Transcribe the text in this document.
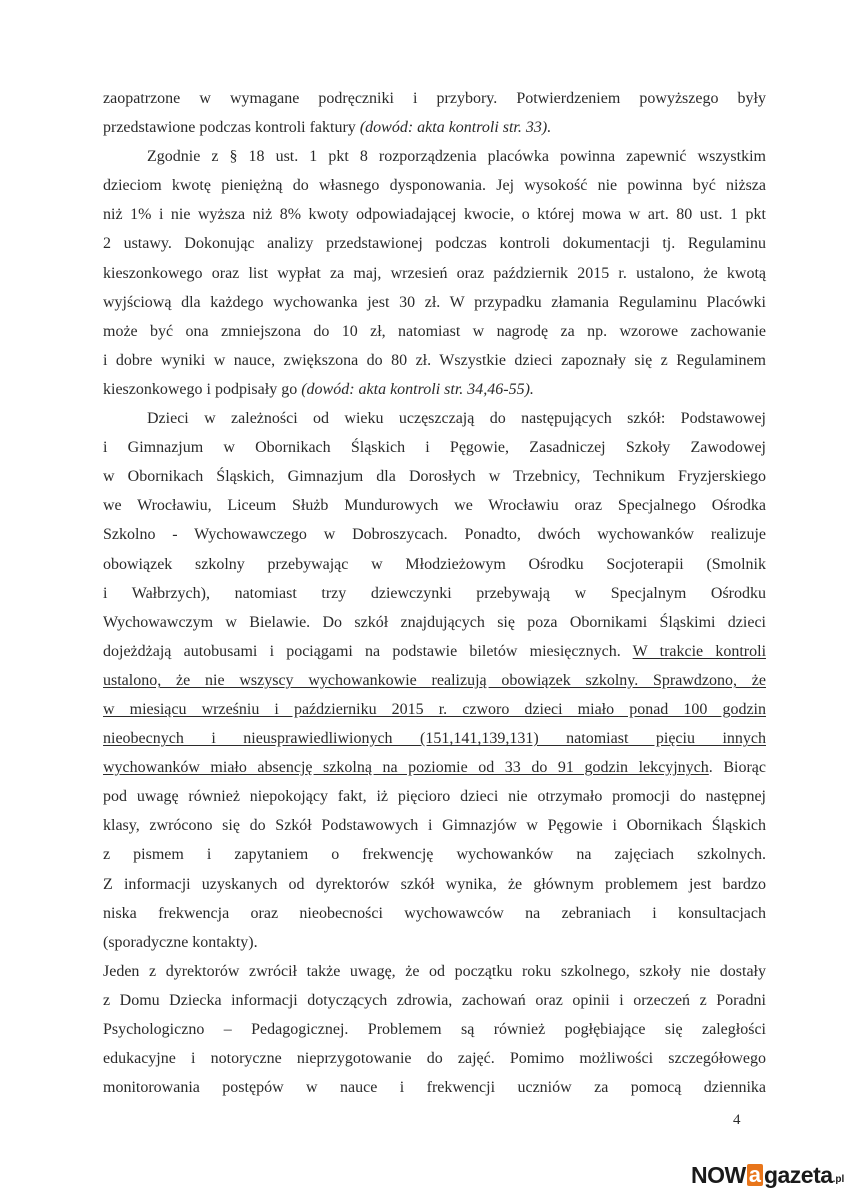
zaopatrzone w wymagane podręczniki i przybory. Potwierdzeniem powyższego były
przedstawione podczas kontroli faktury (dowód: akta kontroli str. 33).
Zgodnie z § 18 ust. 1 pkt 8 rozporządzenia placówka powinna zapewnić wszystkim
dzieciom kwotę pieniężną do własnego dysponowania. Jej wysokość nie powinna być niższa
niż 1% i nie wyższa niż 8% kwoty odpowiadającej kwocie, o której mowa w art. 80 ust. 1 pkt
2 ustawy. Dokonując analizy przedstawionej podczas kontroli dokumentacji tj. Regulaminu
kieszonkowego oraz list wypłat za maj, wrzesień oraz październik 2015 r. ustalono, że kwotą
wyjściową dla każdego wychowanka jest 30 zł. W przypadku złamania Regulaminu Placówki
może być ona zmniejszona do 10 zł, natomiast w nagrodę za np. wzorowe zachowanie
i dobre wyniki w nauce, zwiększona do 80 zł. Wszystkie dzieci zapoznały się z Regulaminem
kieszonkowego i podpisały go (dowód: akta kontroli str. 34,46-55).
Dzieci w zależności od wieku uczęszczają do następujących szkół: Podstawowej
i Gimnazjum w Obornikach Śląskich i Pęgowie, Zasadniczej Szkoły Zawodowej
w Obornikach Śląskich, Gimnazjum dla Dorosłych w Trzebnicy, Technikum Fryzjerskiego
we Wrocławiu, Liceum Służb Mundurowych we Wrocławiu oraz Specjalnego Ośrodka
Szkolno - Wychowawczego w Dobroszycach. Ponadto, dwóch wychowanków realizuje
obowiązek szkolny przebywając w Młodzieżowym Ośrodku Socjoterapii (Smolnik
i Wałbrzych), natomiast trzy dziewczynki przebywają w Specjalnym Ośrodku
Wychowawczym w Bielawie. Do szkół znajdujących się poza Obornikami Śląskimi dzieci
dojeżdżają autobusami i pociągami na podstawie biletów miesięcznych. W trakcie kontroli
ustalono, że nie wszyscy wychowankowie realizują obowiązek szkolny. Sprawdzono, że
w miesiącu wrześniu i październiku 2015 r. czworo dzieci miało ponad 100 godzin
nieobecnych i nieusprawiedliwionych (151,141,139,131) natomiast pięciu innych
wychowanków miało absencję szkolną na poziomie od 33 do 91 godzin lekcyjnych. Biorąc
pod uwagę również niepokojący fakt, iż pięcioro dzieci nie otrzymało promocji do następnej
klasy, zwrócono się do Szkół Podstawowych i Gimnazjów w Pęgowie i Obornikach Śląskich
z pismem i zapytaniem o frekwencję wychowanków na zajęciach szkolnych.
Z informacji uzyskanych od dyrektorów szkół wynika, że głównym problemem jest bardzo
niska frekwencja oraz nieobecności wychowawców na zebraniach i konsultacjach
(sporadyczne kontakty).
Jeden z dyrektorów zwrócił także uwagę, że od początku roku szkolnego, szkoły nie dostały
z Domu Dziecka informacji dotyczących zdrowia, zachowań oraz opinii i orzeczeń z Poradni
Psychologiczno – Pedagogicznej. Problemem są również pogłębiające się zaległości
edukacyjne i notoryczne nieprzygotowanie do zajęć. Pomimo możliwości szczegółowego
monitorowania postępów w nauce i frekwencji uczniów za pomocą dziennika
4
NOW a gazeta .pl
